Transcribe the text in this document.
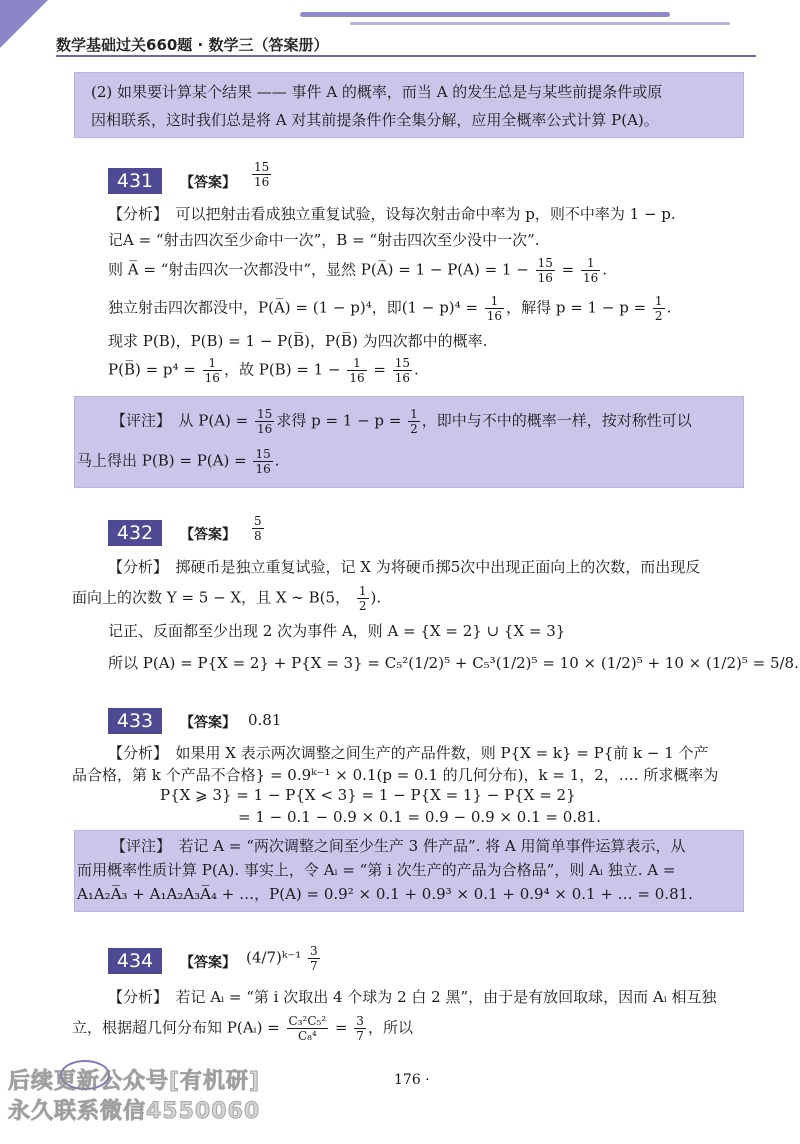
数学基础过关660题 · 数学三（答案册）
(2) 如果要计算某个结果 —— 事件 A 的概率，而当 A 的发生总是与某些前提条件或原
因相联系，这时我们总是将 A 对其前提条件作全集分解，应用全概率公式计算 P(A)。
431	【答案】 $\frac{15}{16}$
【分析】　可以把射击看成独立重复试验，设每次射击命中率为 p，则不中率为 1 − p.
记A = “射击四次至少命中一次”，B = “射击四次至少没中一次”.
则 A̅ = “射击四次一次都没中”，显然 P(A̅) = $1 - P(A) = 1 - \frac{15}{16} = \frac{1}{16}$ .
独立射击四次都没中，P(A̅) = (1 − p)⁴，即$(1 - p)^4 = \frac{1}{16}$ ，解得 $p = 1 - p = \frac{1}{2}$ .
现求 P(B)，P(B) = 1 − P(B̅)，P(B̅) 为四次都中的概率.
P(B̅) = $p^4 = \frac{1}{16}$ ，故 $P(B) = 1 - \frac{1}{16} = \frac{15}{16}$ .
【评注】　从 $P(A) = \frac{15}{16}$ 求得 $p = 1 - p = \frac{1}{2}$ ，即中与不中的概率一样，按对称性可以
马上得出 $P(B) = P(A) = \frac{15}{16}$ .
432	【答案】 $\frac{5}{8}$
【分析】　掷硬币是独立重复试验，记 X 为将硬币掷5次中出现正面向上的次数，而出现反
面向上的次数 Y = 5 − X，且 X ∼ B(5， $\frac{1}{2}$ ).
记正、反面都至少出现 2 次为事件 A，则 A = {X = 2} ∪ {X = 3}
所以 P(A) = P{X = 2} + P{X = 3} = C₅²(1/2)⁵ + C₅³(1/2)⁵ = 10 × (1/2)⁵ + 10 × (1/2)⁵ = 5/8.
433	【答案】 0.81
【分析】　如果用 X 表示两次调整之间生产的产品件数，则 P{X = k} = P{前 k − 1 个产
品合格，第 k 个产品不合格} = 0.9ᵏ⁻¹ × 0.1(p = 0.1 的几何分布)，k = 1，2，…. 所求概率为
P{X ⩾ 3} = 1 − P{X < 3} = 1 − P{X = 1} − P{X = 2}
= 1 − 0.1 − 0.9 × 0.1 = 0.9 − 0.9 × 0.1 = 0.81.
【评注】　若记 A = “两次调整之间至少生产 3 件产品”. 将 A 用简单事件运算表示，从
而用概率性质计算 P(A). 事实上，令 Aᵢ = “第 i 次生产的产品为合格品”，则 Aᵢ 独立. A =
A₁A₂A̅₃ + A₁A₂A₃A̅₄ + …，P(A) = 0.9² × 0.1 + 0.9³ × 0.1 + 0.9⁴ × 0.1 + … = 0.81.
434	【答案】 (4/7)ᵏ⁻¹ $\frac{3}{7}$
【分析】　若记 Aᵢ = “第 i 次取出 4 个球为 2 白 2 黑”，由于是有放回取球，因而 Aᵢ 相互独
立，根据超几何分布知 P(Aᵢ) = $\frac{\text{C₃²C₅²}}{\text{C₈⁴}} = \frac{3}{7}$ ，所以
176 ·
后续更新公众号[有机研]
永久联系微信4550060
